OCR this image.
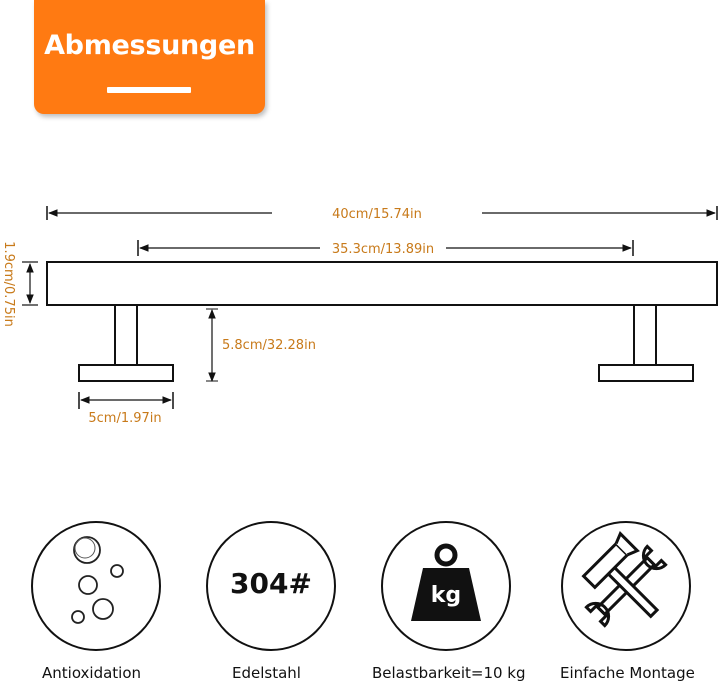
Abmessungen
40cm/15.74in
35.3cm/13.89in
1.9cm/0.75in
5.8cm/32.28in
5cm/1.97in
Antioxidation
304#
Edelstahl
kg
Belastbarkeit=10 kg Einfache Montage
